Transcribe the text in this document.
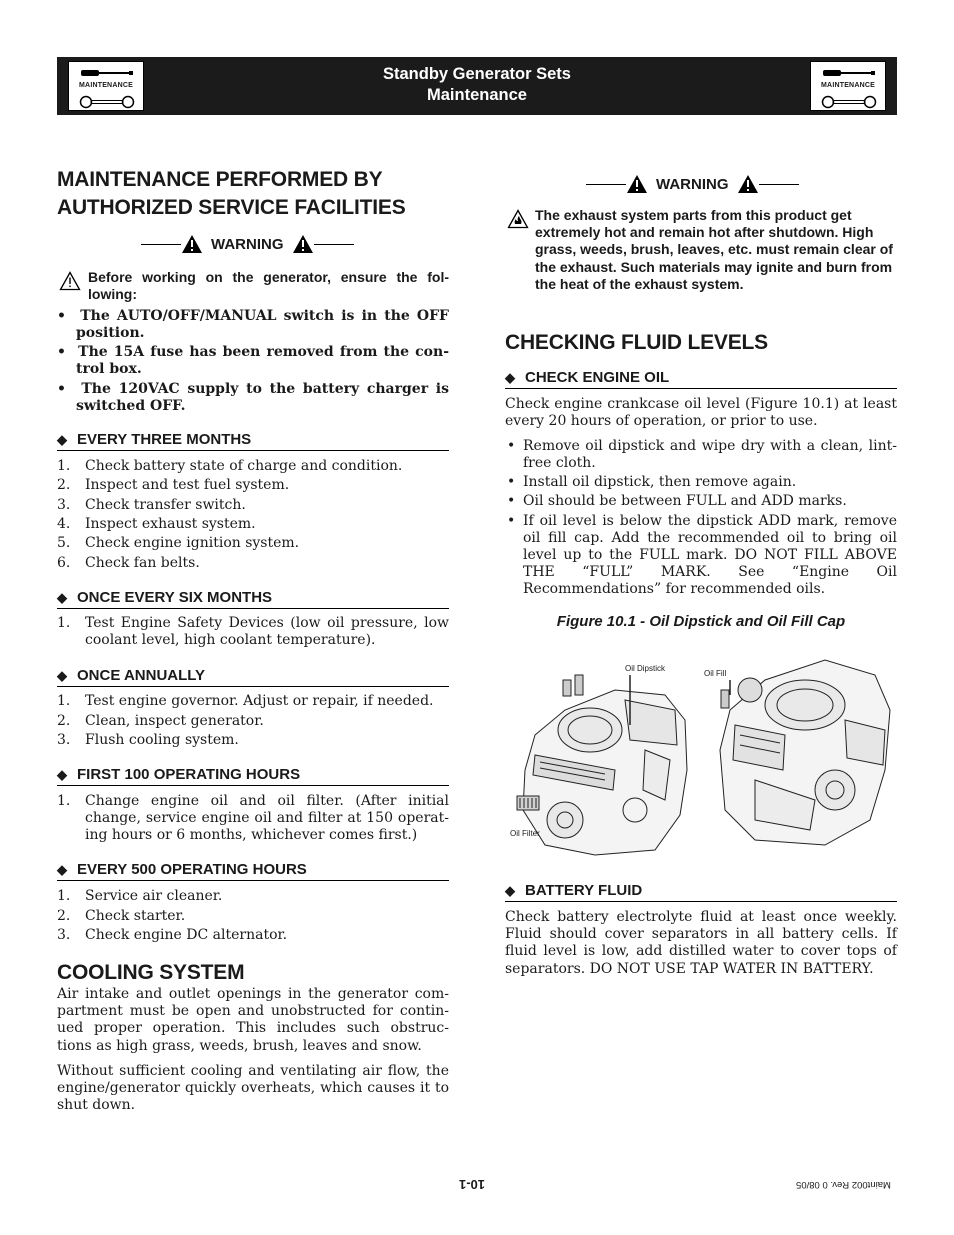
MAINTENANCE
Standby Generator Sets
Maintenance
MAINTENANCE
MAINTENANCE PERFORMED BY
AUTHORIZED SERVICE FACILITIES
WARNING
Before working on the generator, ensure the fol- lowing:
•  The AUTO/OFF/MANUAL switch is in the OFF position.
•  The 15A fuse has been removed from the con- trol box.
•  The 120VAC supply to the battery charger is switched OFF.
◆ EVERY THREE MONTHS
1. Check battery state of charge and condition.
2. Inspect and test fuel system.
3. Check transfer switch.
4. Inspect exhaust system.
5. Check engine ignition system.
6. Check fan belts.
◆ ONCE EVERY SIX MONTHS
1. Test Engine Safety Devices (low oil pressure, low coolant level, high coolant temperature).
◆ ONCE ANNUALLY
1. Test engine governor. Adjust or repair, if needed.
2. Clean, inspect generator.
3. Flush cooling system.
◆ FIRST 100 OPERATING HOURS
1. Change engine oil and oil filter. (After initial change, service engine oil and filter at 150 operat- ing hours or 6 months, whichever comes first.)
◆ EVERY 500 OPERATING HOURS
1. Service air cleaner.
2. Check starter.
3. Check engine DC alternator.
COOLING SYSTEM
Air intake and outlet openings in the generator com- partment must be open and unobstructed for contin- ued proper operation. This includes such obstruc- tions as high grass, weeds, brush, leaves and snow.
Without sufficient cooling and ventilating air flow, the engine/generator quickly overheats, which causes it to shut down.
WARNING
The exhaust system parts from this product get extremely hot and remain hot after shutdown. High grass, weeds, brush, leaves, etc. must remain clear of the exhaust. Such materials may ignite and burn from the heat of the exhaust system.
CHECKING FLUID LEVELS
◆ CHECK ENGINE OIL
Check engine crankcase oil level (Figure 10.1) at least every 20 hours of operation, or prior to use.
• Remove oil dipstick and wipe dry with a clean, lint- free cloth.
• Install oil dipstick, then remove again.
• Oil should be between FULL and ADD marks.
• If oil level is below the dipstick ADD mark, remove oil fill cap. Add the recommended oil to bring oil level up to the FULL mark. DO NOT FILL ABOVE THE “FULL” MARK. See “Engine Oil Recommendations” for recommended oils.
Figure 10.1 - Oil Dipstick and Oil Fill Cap
Oil Dipstick
Oil Fill
Oil Filter
◆ BATTERY FLUID
Check battery electrolyte fluid at least once weekly. Fluid should cover separators in all battery cells. If fluid level is low, add distilled water to cover tops of separators. DO NOT USE TAP WATER IN BATTERY.
10-1	Maint002 Rev. 0 08/05
